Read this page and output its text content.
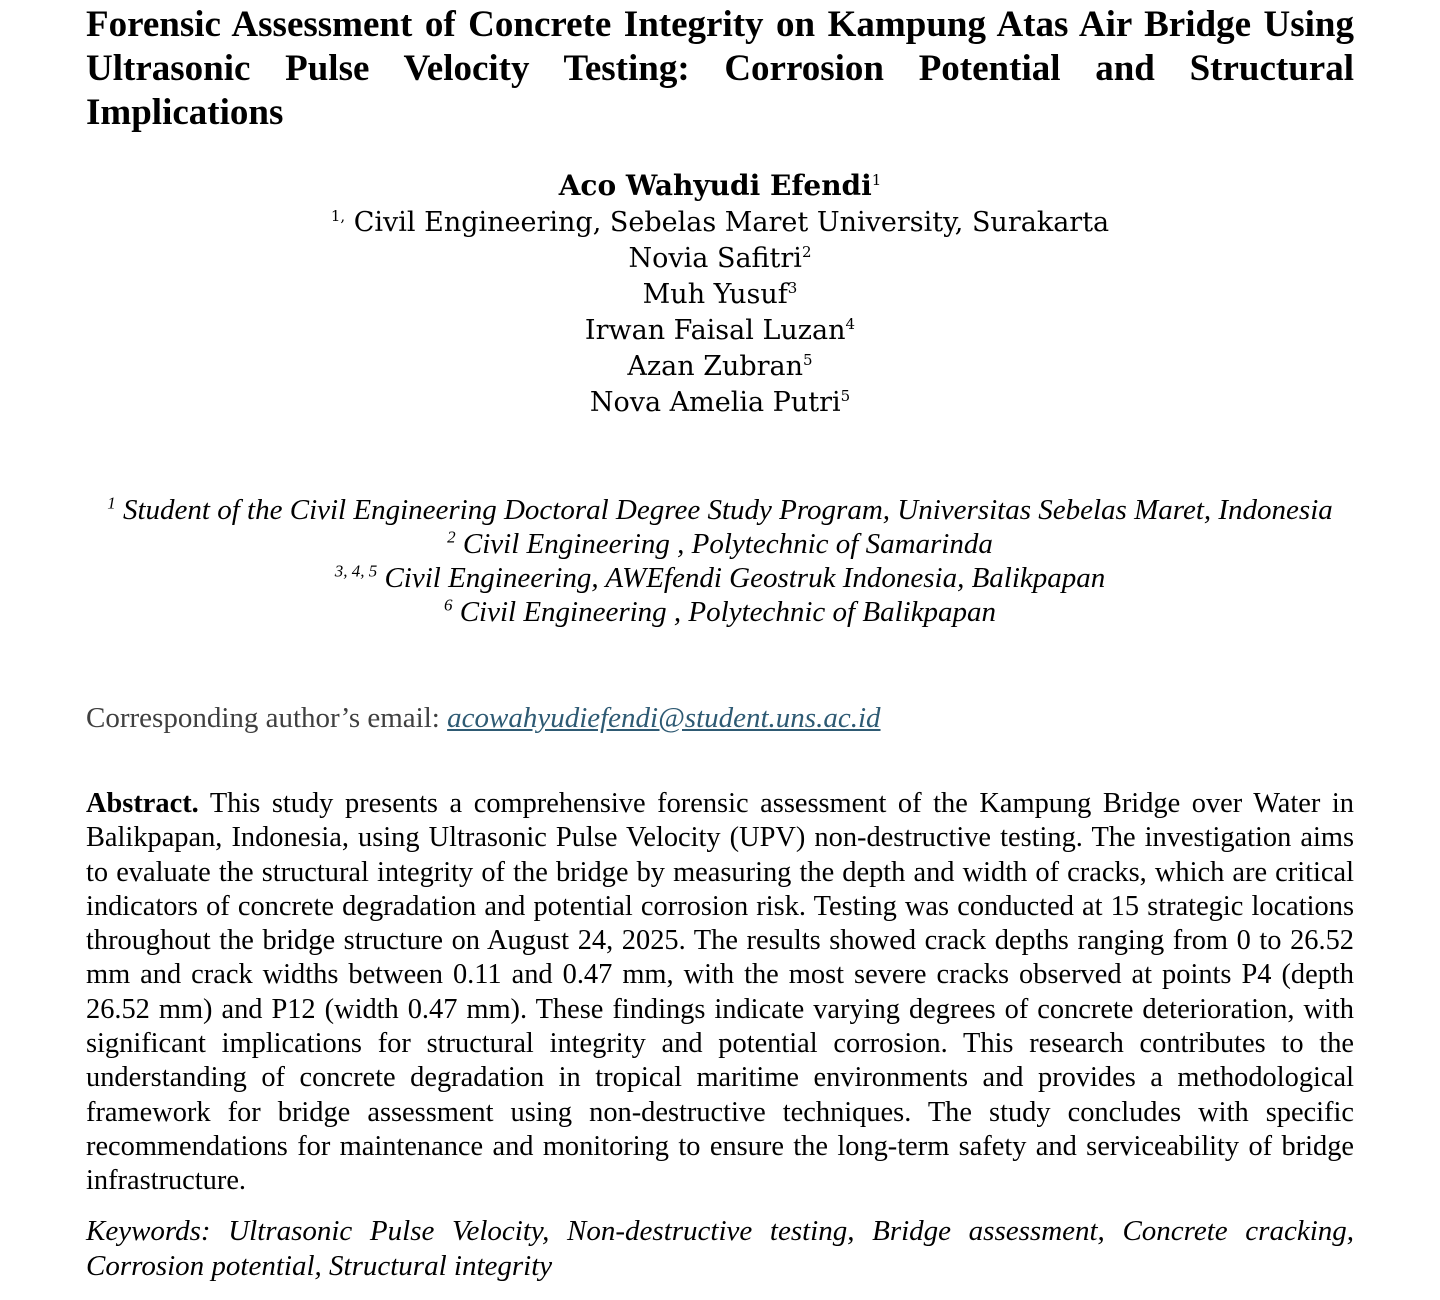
Forensic Assessment of Concrete Integrity on Kampung Atas Air Bridge Using Ultrasonic Pulse Velocity Testing: Corrosion Potential and Structural Implications
Aco Wahyudi Efendi$^1$
$^{1,}$ Civil Engineering, Sebelas Maret University, Surakarta
Novia Safitri$^2$
Muh Yusuf$^3$
Irwan Faisal Luzan$^4$
Azan Zubran$^5$
Nova Amelia Putri$^5$
$^1$ Student of the Civil Engineering Doctoral Degree Study Program, Universitas Sebelas Maret, Indonesia
$^2$ Civil Engineering , Polytechnic of Samarinda
$^{3, 4, 5}$ Civil Engineering, AWEfendi Geostruk Indonesia, Balikpapan
$^6$ Civil Engineering , Polytechnic of Balikpapan
Corresponding author’s email: acowahyudiefendi@student.uns.ac.id

Abstract. This study presents a comprehensive forensic assessment of the Kampung Bridge over Water in Balikpapan, Indonesia, using Ultrasonic Pulse Velocity (UPV) non-destructive testing. The investigation aims to evaluate the structural integrity of the bridge by measuring the depth and width of cracks, which are critical indicators of concrete degradation and potential corrosion risk. Testing was conducted at 15 strategic locations throughout the bridge structure on August 24, 2025. The results showed crack depths ranging from 0 to 26.52 mm and crack widths between 0.11 and 0.47 mm, with the most severe cracks observed at points P4 (depth 26.52 mm) and P12 (width 0.47 mm). These findings indicate varying degrees of concrete deterioration, with significant implications for structural integrity and potential corrosion. This research contributes to the understanding of concrete degradation in tropical maritime environments and provides a methodological framework for bridge assessment using non-destructive techniques. The study concludes with specific recommendations for maintenance and monitoring to ensure the long-term safety and serviceability of bridge infrastructure.

Keywords: Ultrasonic Pulse Velocity, Non-destructive testing, Bridge assessment, Concrete cracking, Corrosion potential, Structural integrity
